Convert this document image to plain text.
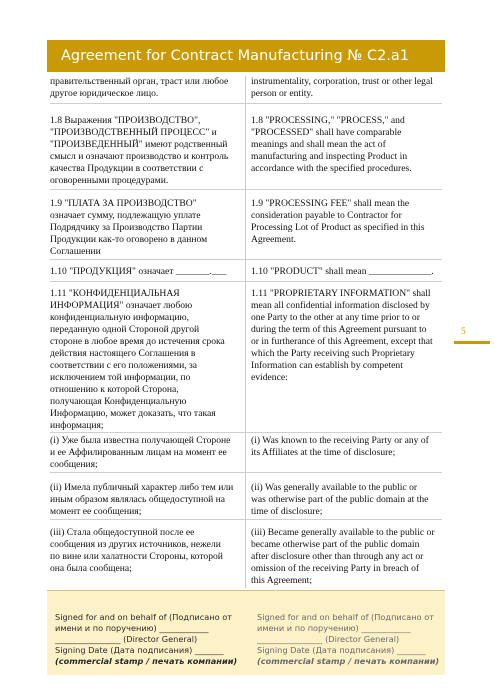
Agreement for Contract Manufacturing № C2.a1
правительственный орган, траст или любое
другое юридическое лицо.
instrumentality, corporation, trust or other legal
person or entity.
1.8 Выражения "ПРОИЗВОДСТВО",
"ПРОИЗВОДСТВЕННЫЙ ПРОЦЕСС" и
"ПРОИЗВЕДЕННЫЙ" имеют родственный
смысл и означают производство и контроль
качества Продукции в соответствии с
оговоренными процедурами.
1.8 "PROCESSING," "PROCESS," and
"PROCESSED" shall have comparable
meanings and shall mean the act of
manufacturing and inspecting Product in
accordance with the specified procedures.
1.9 "ПЛАТА ЗА ПРОИЗВОДСТВО"
означает сумму, подлежащую уплате
Подрядчику за Производство Партии
Продукции как-то оговорено в данном
Соглашении
1.9 "PROCESSING FEE" shall mean the
consideration payable to Contractor for
Processing Lot of Product as specified in this
Agreement.
1.10 "ПРОДУКЦИЯ" означает _______.___	1.10 "PRODUCT" shall mean _____________.
1.11 "КОНФИДЕНЦИАЛЬНАЯ
ИНФОРМАЦИЯ" означает любою
конфиденциальную информацию,
переданную одной Стороной другой
стороне в любое время до истечения срока
действия настоящего Соглашения в
соответствии с его положениями, за
исключением той информации, по
отношению к которой Сторона,
получающая Конфиденциальную
Информацию, может доказать, что такая
информация;
1.11 "PROPRIETARY INFORMATION" shall
mean all confidential information disclosed by
one Party to the other at any time prior to or
during the term of this Agreement pursuant to
or in furtherance of this Agreement, except that
which the Party receiving such Proprietary
Information can establish by competent
evidence:
(i) Уже была известна получающей Стороне
и ее Аффилированным лицам на момент ее
сообщения;
(i) Was known to the receiving Party or any of
its Affiliates at the time of disclosure;
(ii) Имела публичный характер либо тем или
иным образом являлась общедоступной на
момент ее сообщения;
(ii) Was generally available to the public or
was otherwise part of the public domain at the
time of disclosure;
(iii) Стала общедоступной после ее
сообщения из других источников, нежели
по вине или халатности Стороны, которой
она была сообщена;
(iii) Became generally available to the public or
became otherwise part of the public domain
after disclosure other than through any act or
omission of the receiving Party in breach of
this Agreement;
5

Signed for and on behalf of (Подписано от
имени и по поручению) ____________
________________ (Director General)
Signing Date (Дата подписания) _______

(commercial stamp / печать компании)

Signed for and on behalf of (Подписано от
имени и по поручению) ____________
________________ (Director General)
Signing Date (Дата подписания) _______

(commercial stamp / печать компании)
